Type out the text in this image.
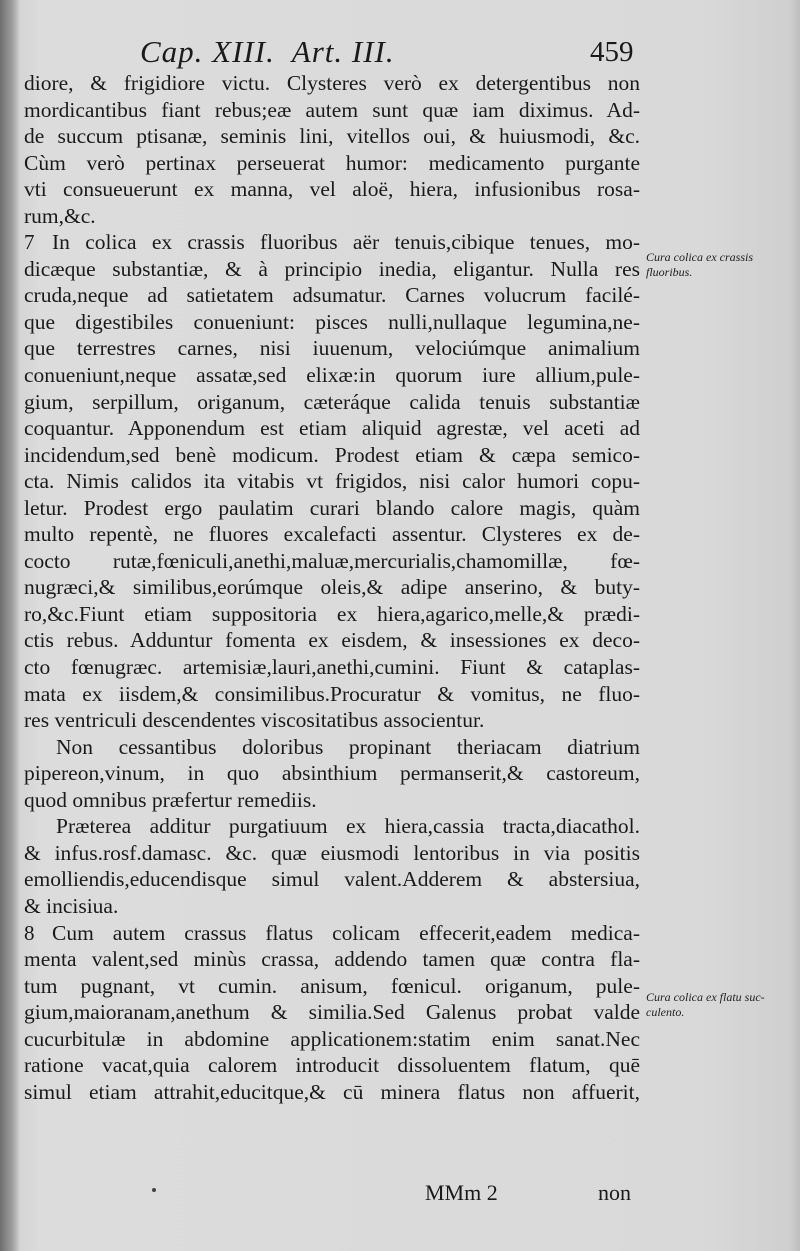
Cap. XIII.  Art. III.	459
diore, & frigidiore victu. Clysteres verò ex detergentibus non
mordicantibus fiant rebus;eæ autem sunt quæ iam diximus. Ad-
de succum ptisanæ, seminis lini, vitellos oui, & huiusmodi, &c.
Cùm verò pertinax perseuerat humor: medicamento purgante
vti consueuerunt ex manna, vel aloë, hiera, infusionibus rosa-
rum,&c.
7 In colica ex crassis fluoribus aër tenuis,cibique tenues, mo-
dicæque substantiæ, & à principio inedia, eligantur. Nulla res
cruda,neque ad satietatem adsumatur. Carnes volucrum facilé-
que digestibiles conueniunt: pisces nulli,nullaque legumina,ne-
que terrestres carnes, nisi iuuenum, velociúmque animalium
conueniunt,neque assatæ,sed elixæ:in quorum iure allium,pule-
gium, serpillum, origanum, cæteráque calida tenuis substantiæ
coquantur. Apponendum est etiam aliquid agrestæ, vel aceti ad
incidendum,sed benè modicum. Prodest etiam & cæpa semico-
cta. Nimis calidos ita vitabis vt frigidos, nisi calor humori copu-
letur. Prodest ergo paulatim curari blando calore magis, quàm
multo repentè, ne fluores excalefacti assentur. Clysteres ex de-
cocto rutæ,fœniculi,anethi,maluæ,mercurialis,chamomillæ, fœ-
nugræci,& similibus,eorúmque oleis,& adipe anserino, & buty-
ro,&c.Fiunt etiam suppositoria ex hiera,agarico,melle,& prædi-
ctis rebus. Adduntur fomenta ex eisdem, & insessiones ex deco-
cto fœnugræc. artemisiæ,lauri,anethi,cumini. Fiunt & cataplas-
mata ex iisdem,& consimilibus.Procuratur & vomitus, ne fluo-
res ventriculi descendentes viscositatibus associentur.
Non cessantibus doloribus propinant theriacam diatrium
pipereon,vinum, in quo absinthium permanserit,& castoreum,
quod omnibus præfertur remediis.
Præterea additur purgatiuum ex hiera,cassia tracta,diacathol.
& infus.rosf.damasc. &c. quæ eiusmodi lentoribus in via positis
emolliendis,educendisque simul valent.Adderem & abstersiua,
& incisiua.
8 Cum autem crassus flatus colicam effecerit,eadem medica-
menta valent,sed minùs crassa, addendo tamen quæ contra fla-
tum pugnant, vt cumin. anisum, fœnicul. origanum, pule-
gium,maioranam,anethum & similia.Sed Galenus probat valde
cucurbitulæ in abdomine applicationem:statim enim sanat.Nec
ratione vacat,quia calorem introducit dissoluentem flatum, quē
simul etiam attrahit,educitque,& cū minera flatus non affuerit,
Cura colica ex crassis fluoribus.
Cura colica ex flatu suc-culento.
MMm 2	non
